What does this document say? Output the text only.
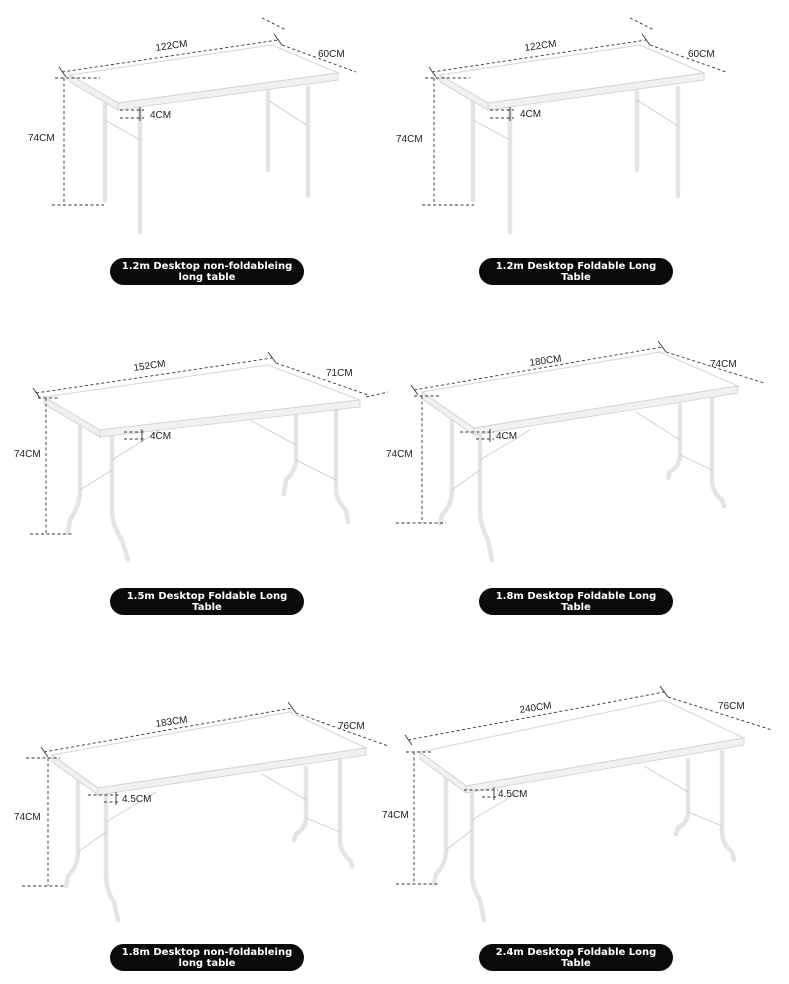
122CM
60CM
74CM
4CM
122CM
60CM
74CM
4CM
152CM	71CM
74CM
4CM
180CM	74CM
74CM
4CM
183CM	76CM
74CM
4.5CM
240CM	76CM
74CM
4.5CM
1.2m Desktop non-foldableing
long table
1.2m Desktop Foldable Long
Table
1.5m Desktop Foldable Long
Table
1.8m Desktop Foldable Long Table
1.8m Desktop non-foldableing
long table
2.4m Desktop Foldable Long
Table
